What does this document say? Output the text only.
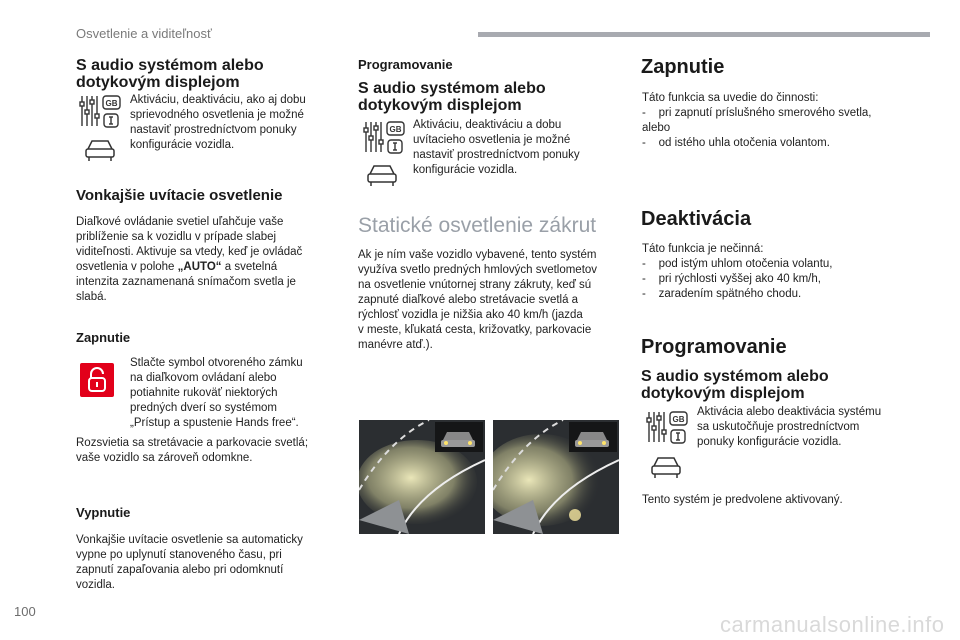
Osvetlenie a viditeľnosť
S audio systémom alebo
dotykovým displejom
GB Aktiváciu, deaktiváciu, ako aj dobu
sprievodného osvetlenia je možné
nastaviť prostredníctvom ponuky
konfigurácie vozidla.

Vonkajšie uvítacie osvetlenie

Diaľkové ovládanie svetiel uľahčuje vaše
priblíženie sa k vozidlu v prípade slabej
viditeľnosti. Aktivuje sa vtedy, keď je ovládač
osvetlenia v polohe „AUTO“ a svetelná
intenzita zaznamenaná snímačom svetla je
slabá.

Zapnutie

Stlačte symbol otvoreného zámku
na diaľkovom ovládaní alebo
potiahnite rukoväť niektorých
predných dverí so systémom
„Prístup a spustenie Hands free“.

Rozsvietia sa stretávacie a parkovacie svetlá;
vaše vozidlo sa zároveň odomkne.

Vypnutie

Vonkajšie uvítacie osvetlenie sa automaticky
vypne po uplynutí stanoveného času, pri
zapnutí zapaľovania alebo pri odomknutí
vozidla.

Programovanie
S audio systémom alebo
dotykovým displejom
GB Aktiváciu, deaktiváciu a dobu
uvítacieho osvetlenia je možné
nastaviť prostredníctvom ponuky
konfigurácie vozidla.

Statické osvetlenie zákrut

Ak je ním vaše vozidlo vybavené, tento systém
využíva svetlo predných hmlových svetlometov
na osvetlenie vnútornej strany zákruty, keď sú
zapnuté diaľkové alebo stretávacie svetlá a
rýchlosť vozidla je nižšia ako 40 km/h (jazda
v meste, kľukatá cesta, križovatky, parkovacie
manévre atď.).

Zapnutie

Táto funkcia sa uvedie do činnosti:
-    pri zapnutí príslušného smerového svetla,
alebo
-    od istého uhla otočenia volantom.

Deaktivácia

Táto funkcia je nečinná:
-    pod istým uhlom otočenia volantu,
-    pri rýchlosti vyššej ako 40 km/h,
-    zaradením spätného chodu.

Programovanie
S audio systémom alebo
dotykovým displejom
GB

Aktivácia alebo deaktivácia systému
sa uskutočňuje prostredníctvom
ponuky konfigurácie vozidla.

Tento systém je predvolene aktivovaný.

100
carmanualsonline.info
